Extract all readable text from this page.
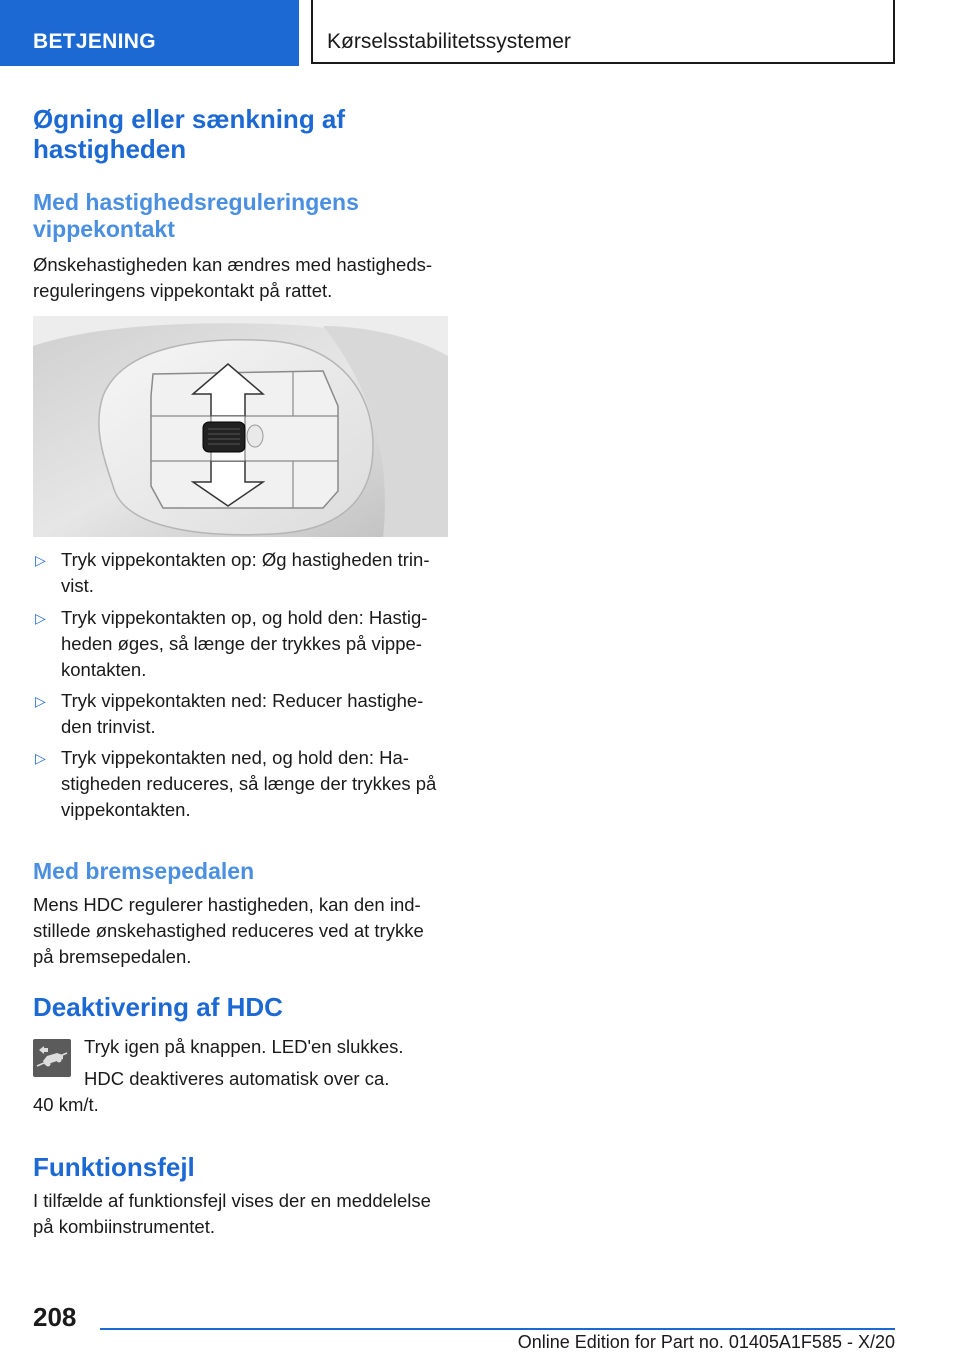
BETJENING	Kørselsstabilitetssystemer
Øgning eller sænkning af
hastigheden
Med hastighedsreguleringens
vippekontakt

Ønskehastigheden kan ændres med hastigheds-
reguleringens vippekontakt på rattet.

▷ Tryk vippekontakten op: Øg hastigheden trin-
vist.
▷ Tryk vippekontakten op, og hold den: Hastig-
heden øges, så længe der trykkes på vippe-
kontakten.
▷ Tryk vippekontakten ned: Reducer hastighe-
den trinvist.
▷ Tryk vippekontakten ned, og hold den: Ha-
stigheden reduceres, så længe der trykkes på
vippekontakten.
Med bremsepedalen

Mens HDC regulerer hastigheden, kan den ind-
stillede ønskehastighed reduceres ved at trykke
på bremsepedalen.

Deaktivering af HDC

Tryk igen på knappen. LED'en slukkes.

HDC deaktiveres automatisk over ca.

40 km/t.

Funktionsfejl

I tilfælde af funktionsfejl vises der en meddelelse
på kombiinstrumentet.

208
Online Edition for Part no. 01405A1F585 - X/20
